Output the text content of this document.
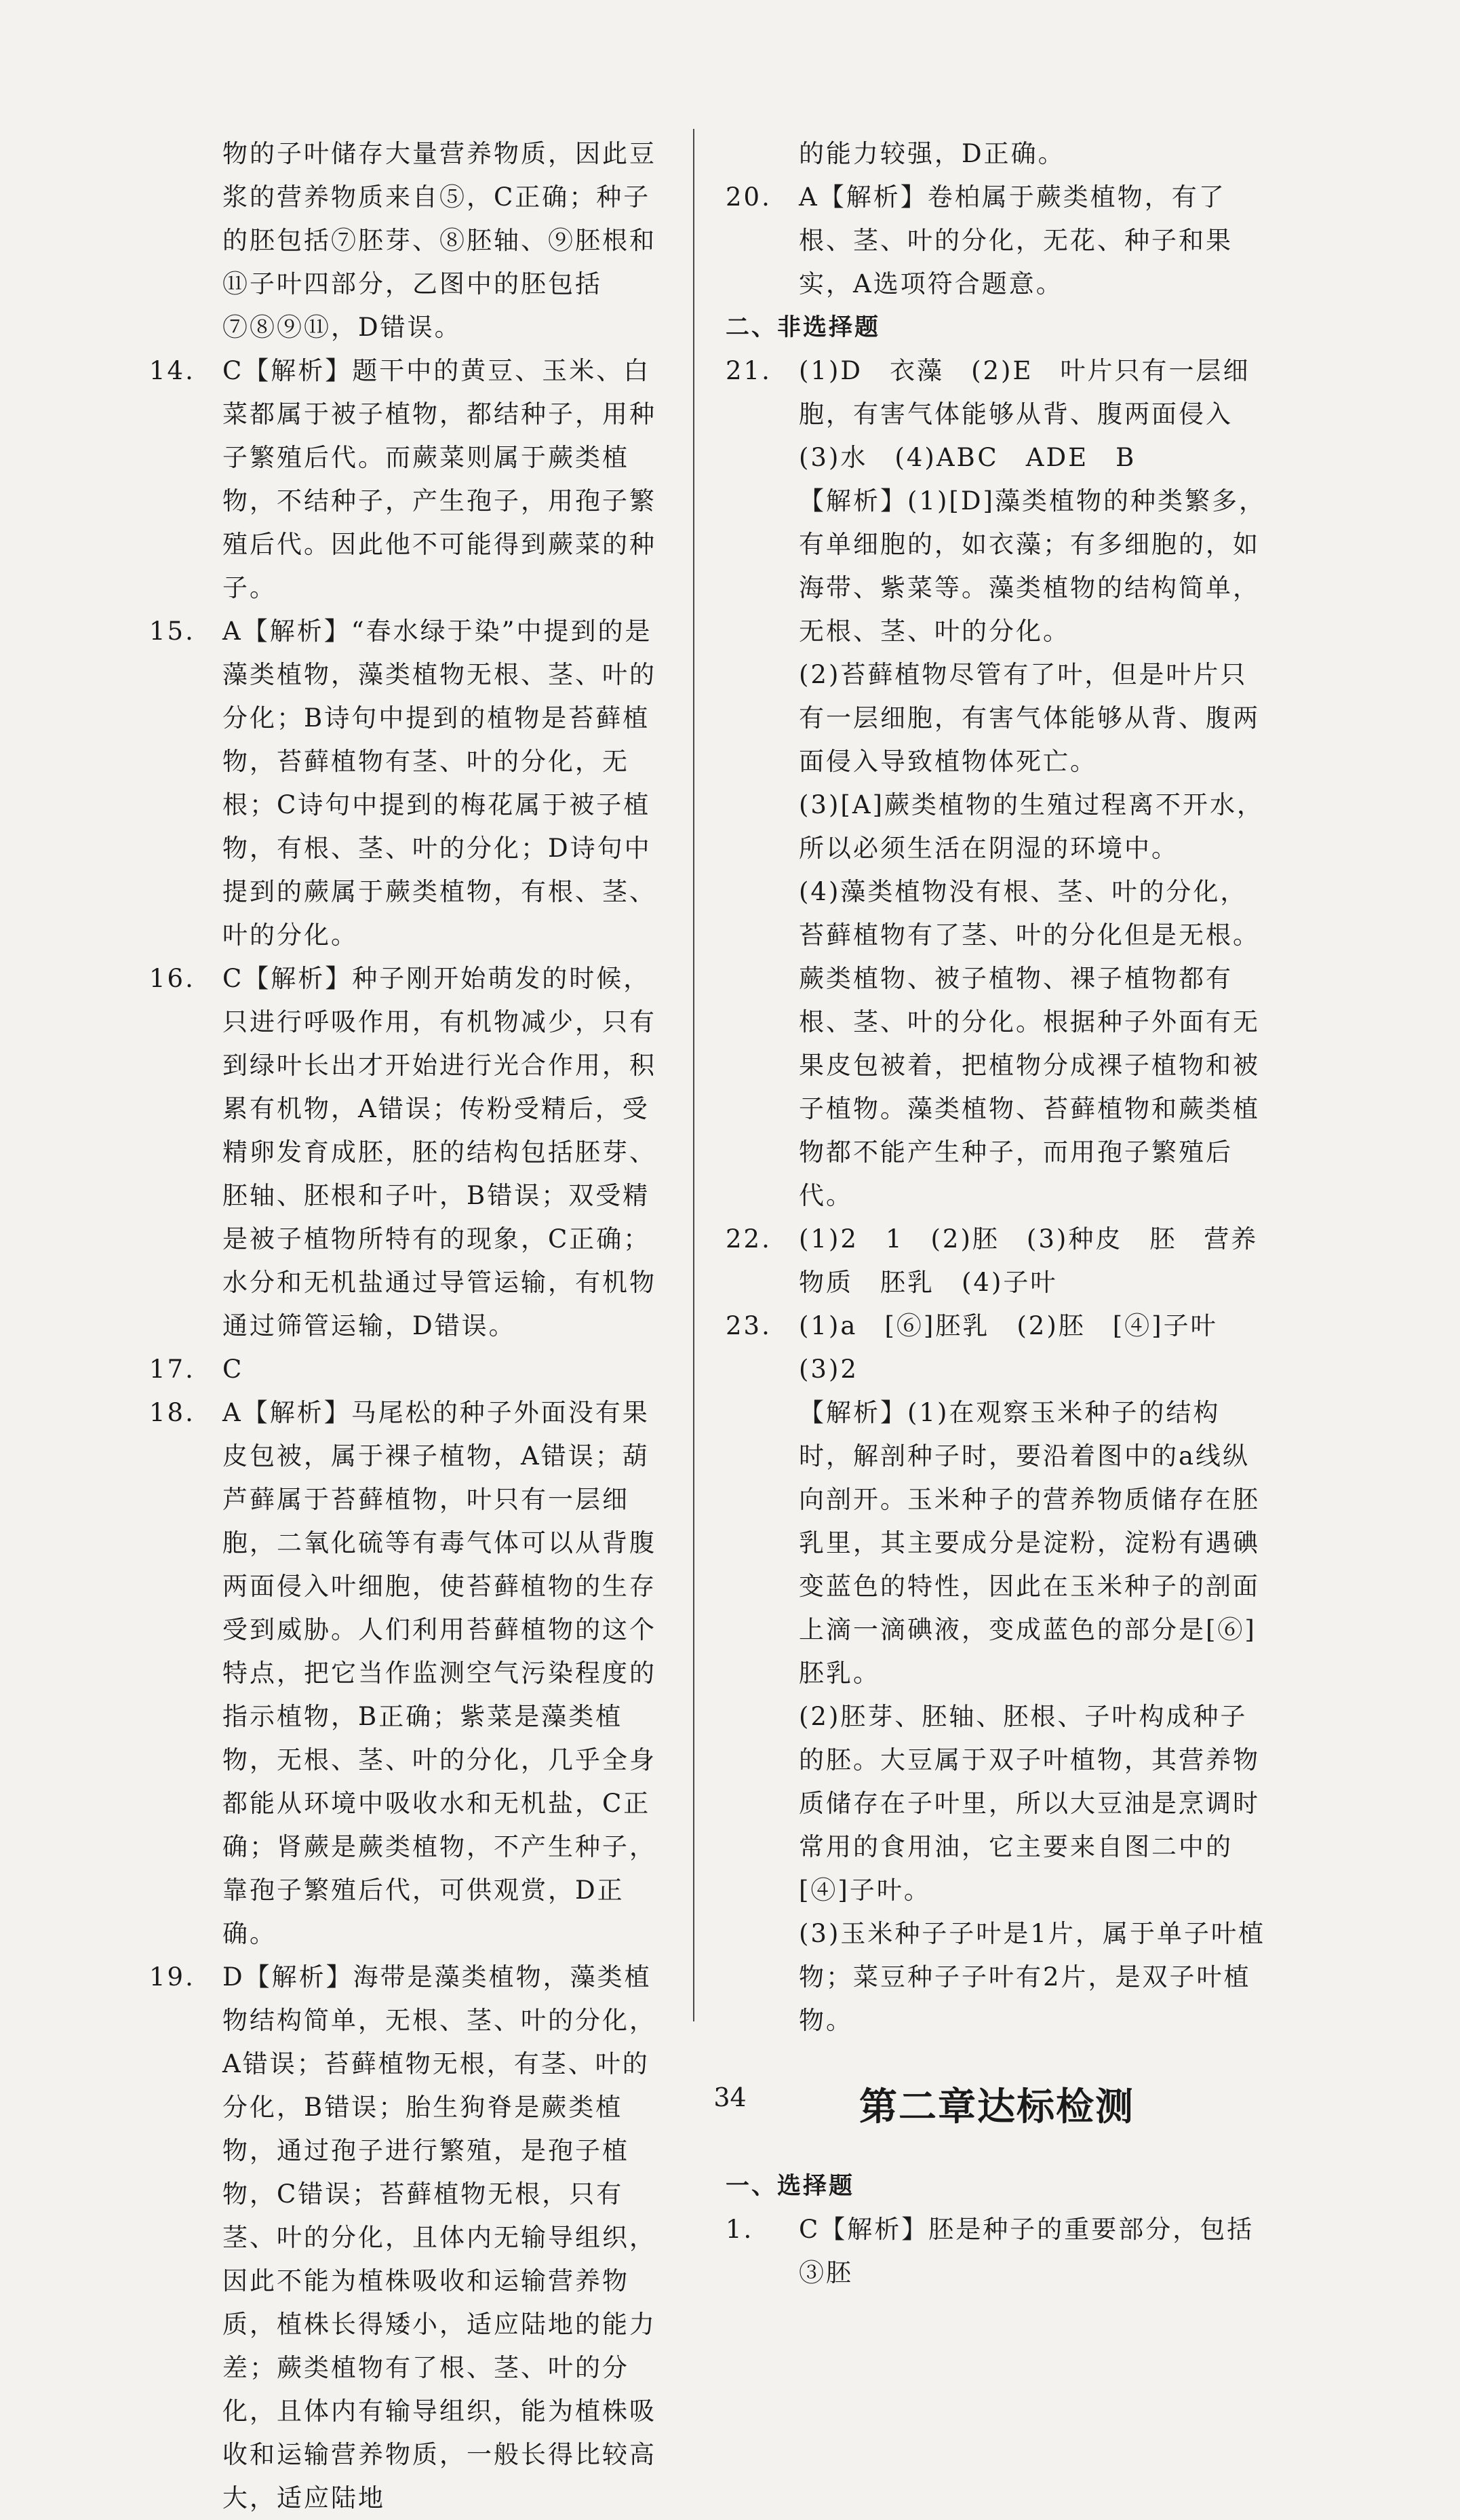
物的子叶储存大量营养物质，因此豆浆的营养物质来自⑤，C正确；种子的胚包括⑦胚芽、⑧胚轴、⑨胚根和⑪子叶四部分，乙图中的胚包括⑦⑧⑨⑪，D错误。
14. C【解析】题干中的黄豆、玉米、白菜都属于被子植物，都结种子，用种子繁殖后代。而蕨菜则属于蕨类植物，不结种子，产生孢子，用孢子繁殖后代。因此他不可能得到蕨菜的种子。
15. A【解析】“春水绿于染”中提到的是藻类植物，藻类植物无根、茎、叶的分化；B诗句中提到的植物是苔藓植物，苔藓植物有茎、叶的分化，无根；C诗句中提到的梅花属于被子植物，有根、茎、叶的分化；D诗句中提到的蕨属于蕨类植物，有根、茎、叶的分化。
16. C【解析】种子刚开始萌发的时候，只进行呼吸作用，有机物减少，只有到绿叶长出才开始进行光合作用，积累有机物，A错误；传粉受精后，受精卵发育成胚，胚的结构包括胚芽、胚轴、胚根和子叶，B错误；双受精是被子植物所特有的现象，C正确；水分和无机盐通过导管运输，有机物通过筛管运输，D错误。
17. C
18. A【解析】马尾松的种子外面没有果皮包被，属于裸子植物，A错误；葫芦藓属于苔藓植物，叶只有一层细胞，二氧化硫等有毒气体可以从背腹两面侵入叶细胞，使苔藓植物的生存受到威胁。人们利用苔藓植物的这个特点，把它当作监测空气污染程度的指示植物，B正确；紫菜是藻类植物，无根、茎、叶的分化，几乎全身都能从环境中吸收水和无机盐，C正确；肾蕨是蕨类植物，不产生种子，靠孢子繁殖后代，可供观赏，D正确。
19. D【解析】海带是藻类植物，藻类植物结构简单，无根、茎、叶的分化，A错误；苔藓植物无根，有茎、叶的分化，B错误；胎生狗脊是蕨类植物，通过孢子进行繁殖，是孢子植物，C错误；苔藓植物无根，只有茎、叶的分化，且体内无输导组织，因此不能为植株吸收和运输营养物质，植株长得矮小，适应陆地的能力差；蕨类植物有了根、茎、叶的分化，且体内有输导组织，能为植株吸收和运输营养物质，一般长得比较高大，适应陆地
的能力较强，D正确。
20. A【解析】卷柏属于蕨类植物，有了根、茎、叶的分化，无花、种子和果实，A选项符合题意。
二、非选择题
21. (1)D　衣藻　(2)E　叶片只有一层细胞，有害气体能够从背、腹两面侵入　(3)水　(4)ABC　ADE　B
【解析】(1)[D]藻类植物的种类繁多，有单细胞的，如衣藻；有多细胞的，如海带、紫菜等。藻类植物的结构简单，无根、茎、叶的分化。
(2)苔藓植物尽管有了叶，但是叶片只有一层细胞，有害气体能够从背、腹两面侵入导致植物体死亡。
(3)[A]蕨类植物的生殖过程离不开水，所以必须生活在阴湿的环境中。
(4)藻类植物没有根、茎、叶的分化，苔藓植物有了茎、叶的分化但是无根。蕨类植物、被子植物、裸子植物都有根、茎、叶的分化。根据种子外面有无果皮包被着，把植物分成裸子植物和被子植物。藻类植物、苔藓植物和蕨类植物都不能产生种子，而用孢子繁殖后代。
22. (1)2　1　(2)胚　(3)种皮　胚　营养物质　胚乳　(4)子叶
23. (1)a　[⑥]胚乳　(2)胚　[④]子叶　(3)2
【解析】(1)在观察玉米种子的结构时，解剖种子时，要沿着图中的a线纵向剖开。玉米种子的营养物质储存在胚乳里，其主要成分是淀粉，淀粉有遇碘变蓝色的特性，因此在玉米种子的剖面上滴一滴碘液，变成蓝色的部分是[⑥]胚乳。
(2)胚芽、胚轴、胚根、子叶构成种子的胚。大豆属于双子叶植物，其营养物质储存在子叶里，所以大豆油是烹调时常用的食用油，它主要来自图二中的[④]子叶。
(3)玉米种子子叶是1片，属于单子叶植物；菜豆种子子叶有2片，是双子叶植物。
第二章达标检测
一、选择题
1. C【解析】胚是种子的重要部分，包括③胚
34
